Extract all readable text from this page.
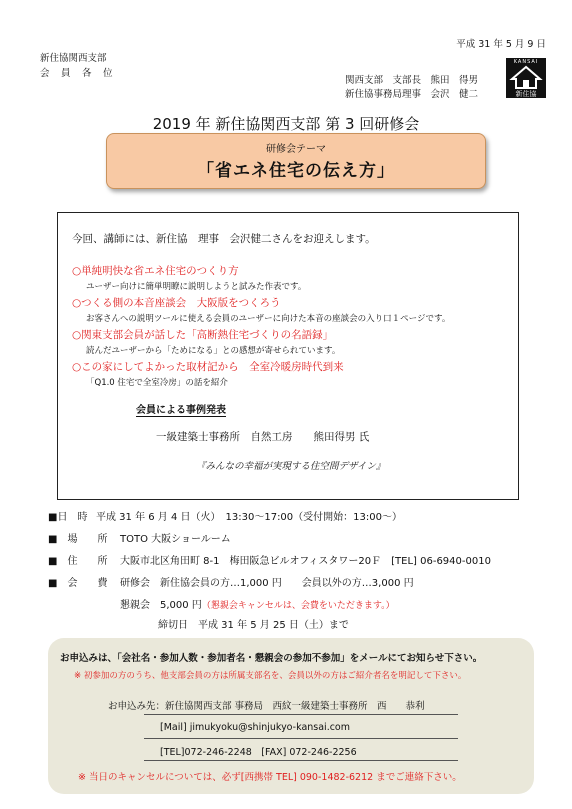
平成 31 年 5 月 9 日
新住協関西支部
会　員　各　位
関西支部　支部長　熊田　得男
新住協事務局理事　会沢　健二
KANSAI
新住協
2019 年 新住協関西支部 第 3 回研修会
研修会テーマ
「省エネ住宅の伝え方」
今回、講師には、新住協　理事　会沢健二さんをお迎えします。
○単純明快な省エネ住宅のつくり方
ユーザー向けに簡単明瞭に説明しようと試みた作表です。
○つくる側の本音座談会　大阪版をつくろう
お客さんへの説明ツールに使える会員のユーザーに向けた本音の座談会の入り口１ページです。
○関東支部会員が話した「高断熱住宅づくりの名語録」
読んだユーザーから「ためになる」との感想が寄せられています。
○この家にしてよかった取材記から　全室冷暖房時代到来
「Q1.0 住宅で全室冷房」の話を紹介
会員による事例発表
一級建築士事務所　自然工房　　熊田得男 氏
『みんなの幸福が実現する住空間デザイン』
■日　時 平成 31 年 6 月 4 日（火）　13:30～17:00（受付開始：13:00～）
■　場　　所 TOTO 大阪ショールーム
■　住　　所 大阪市北区角田町 8-1　梅田阪急ビルオフィスタワー20Ｆ　[TEL] 06-6940-0010
■　会　　費 研修会　新住協会員の方…1,000 円　　会員以外の方…3,000 円
懇親会　5,000 円（懇親会キャンセルは、会費をいただきます。）
締切日　平成 31 年 5 月 25 日（土）まで
お申込みは、「会社名・参加人数・参加者名・懇親会の参加不参加」をメールにてお知らせ下さい。
※ 初参加の方のうち、他支部会員の方は所属支部名を、会員以外の方はご紹介者名を明記して下さい。
お申込み先：新住協関西支部 事務局　西紋一級建築士事務所　西　　恭利
[Mail] jimukyoku@shinjukyo-kansai.com
[TEL]072-246-2248　[FAX] 072-246-2256
※ 当日のキャンセルについては、必ず[西携帯 TEL] 090-1482-6212 までご連絡下さい。
